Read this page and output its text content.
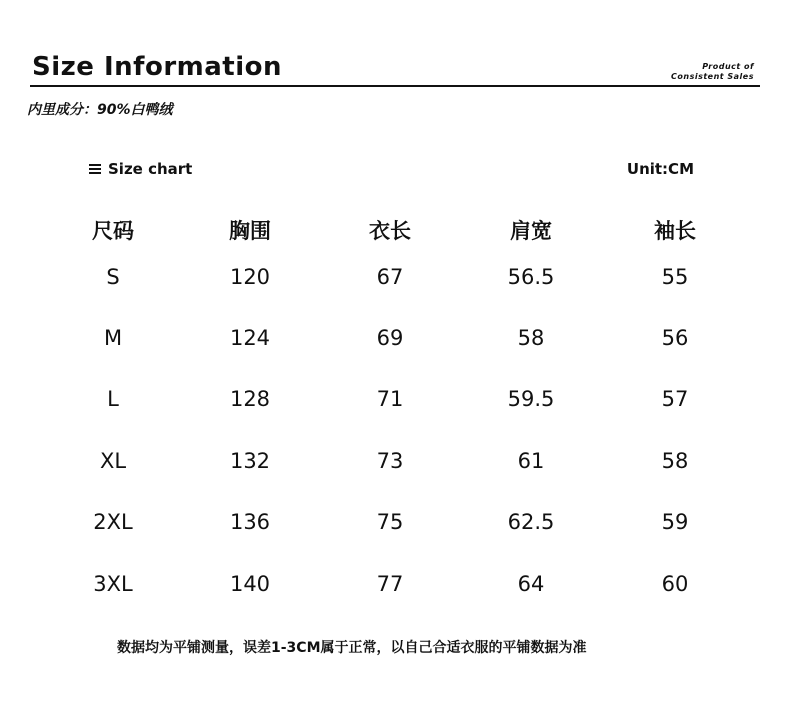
Size Information	Product of
Consistent Sales
内里成分：90%白鸭绒
Size chart	Unit:CM
尺码	胸围	衣长	肩宽	袖长
S	120	67	56.5	55
M	124	69	58	56
L	128	71	59.5	57
XL	132	73	61	58
2XL	136	75	62.5	59
3XL	140	77	64	60
数据均为平铺测量，误差1-3CM属于正常，以自己合适衣服的平铺数据为准
